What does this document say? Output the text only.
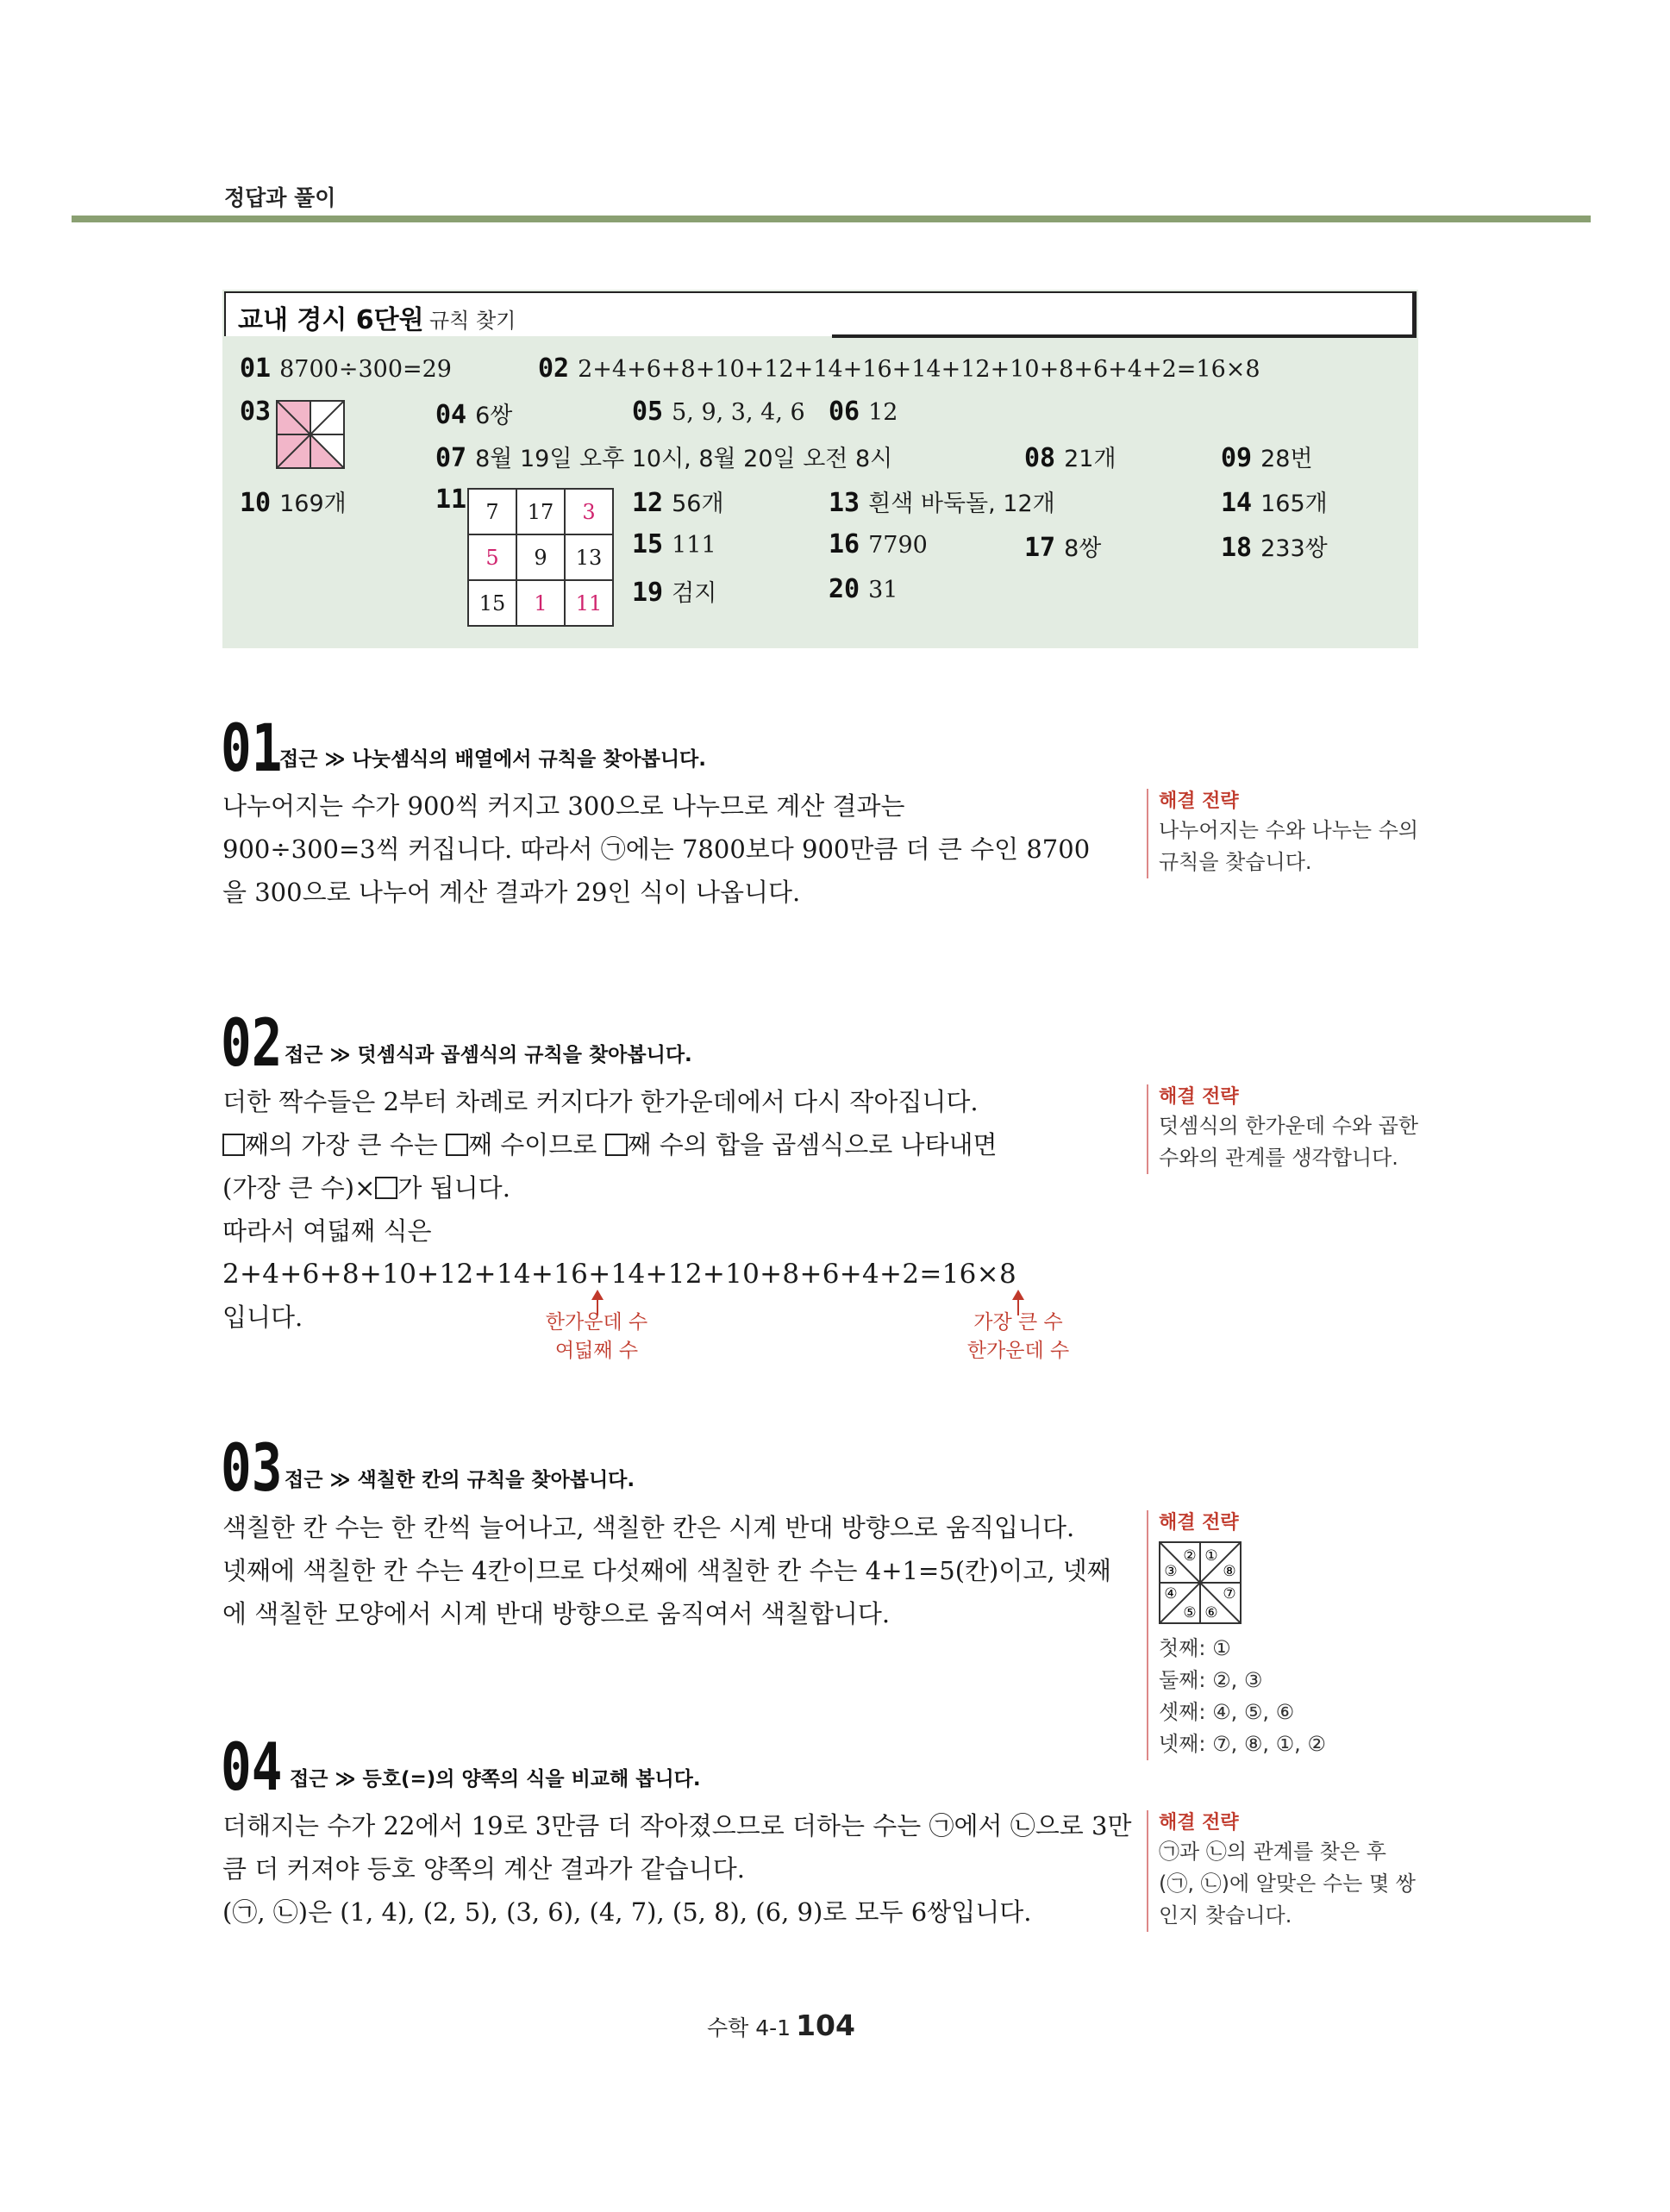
정답과 풀이
교내 경시 6단원 규칙 찾기
01 8700÷300=29	02 2+4+6+8+10+12+14+16+14+12+10+8+6+4+2=16×8
03	04 6쌍	05 5, 9, 3, 4, 6 06 12
07 8월 19일 오후 10시, 8월 20일 오전 8시	08 21개	09 28번
10 169개	11 7	17	3
5	9	13
15	1	11
12 56개	13 흰색 바둑돌, 12개	14 165개
15 111	16 7790	17 8쌍	18 233쌍
19 검지	20 31
01
접근 ≫ 나눗셈식의 배열에서 규칙을 찾아봅니다.
나누어지는 수가 900씩 커지고 300으로 나누므로 계산 결과는
900÷300=3씩 커집니다. 따라서 ㉠에는 7800보다 900만큼 더 큰 수인 8700
을 300으로 나누어 계산 결과가 29인 식이 나옵니다.
해결 전략
나누어지는 수와 나누는 수의
규칙을 찾습니다.
02 접근 ≫ 덧셈식과 곱셈식의 규칙을 찾아봅니다.
더한 짝수들은 2부터 차례로 커지다가 한가운데에서 다시 작아집니다.
째의 가장 큰 수는 째 수이므로 째 수의 합을 곱셈식으로 나타내면
(가장 큰 수)× 가 됩니다.
따라서 여덟째 식은
2+4+6+8+10+12+14+16+14+12+10+8+6+4+2=16×8
입니다.	한가운데 수
여덟째 수
가장 큰 수
한가운데 수
해결 전략
덧셈식의 한가운데 수와 곱한
수와의 관계를 생각합니다.
03 접근 ≫ 색칠한 칸의 규칙을 찾아봅니다.
색칠한 칸 수는 한 칸씩 늘어나고, 색칠한 칸은 시계 반대 방향으로 움직입니다.
넷째에 색칠한 칸 수는 4칸이므로 다섯째에 색칠한 칸 수는 4+1=5(칸)이고, 넷째
에 색칠한 모양에서 시계 반대 방향으로 움직여서 색칠합니다.
해결 전략
①
②
③
④
⑤ ⑥
⑦
⑧
첫째: ①
둘째: ②, ③
셋째: ④, ⑤, ⑥
넷째: ⑦, ⑧, ①, ②
04 접근 ≫ 등호(=)의 양쪽의 식을 비교해 봅니다.
더해지는 수가 22에서 19로 3만큼 더 작아졌으므로 더하는 수는 ㉠에서 ㉡으로 3만
큼 더 커져야 등호 양쪽의 계산 결과가 같습니다.
(㉠, ㉡)은 (1, 4), (2, 5), (3, 6), (4, 7), (5, 8), (6, 9)로 모두 6쌍입니다.
해결 전략
㉠과 ㉡의 관계를 찾은 후
(㉠, ㉡)에 알맞은 수는 몇 쌍
인지 찾습니다.
수학 4-1 104
